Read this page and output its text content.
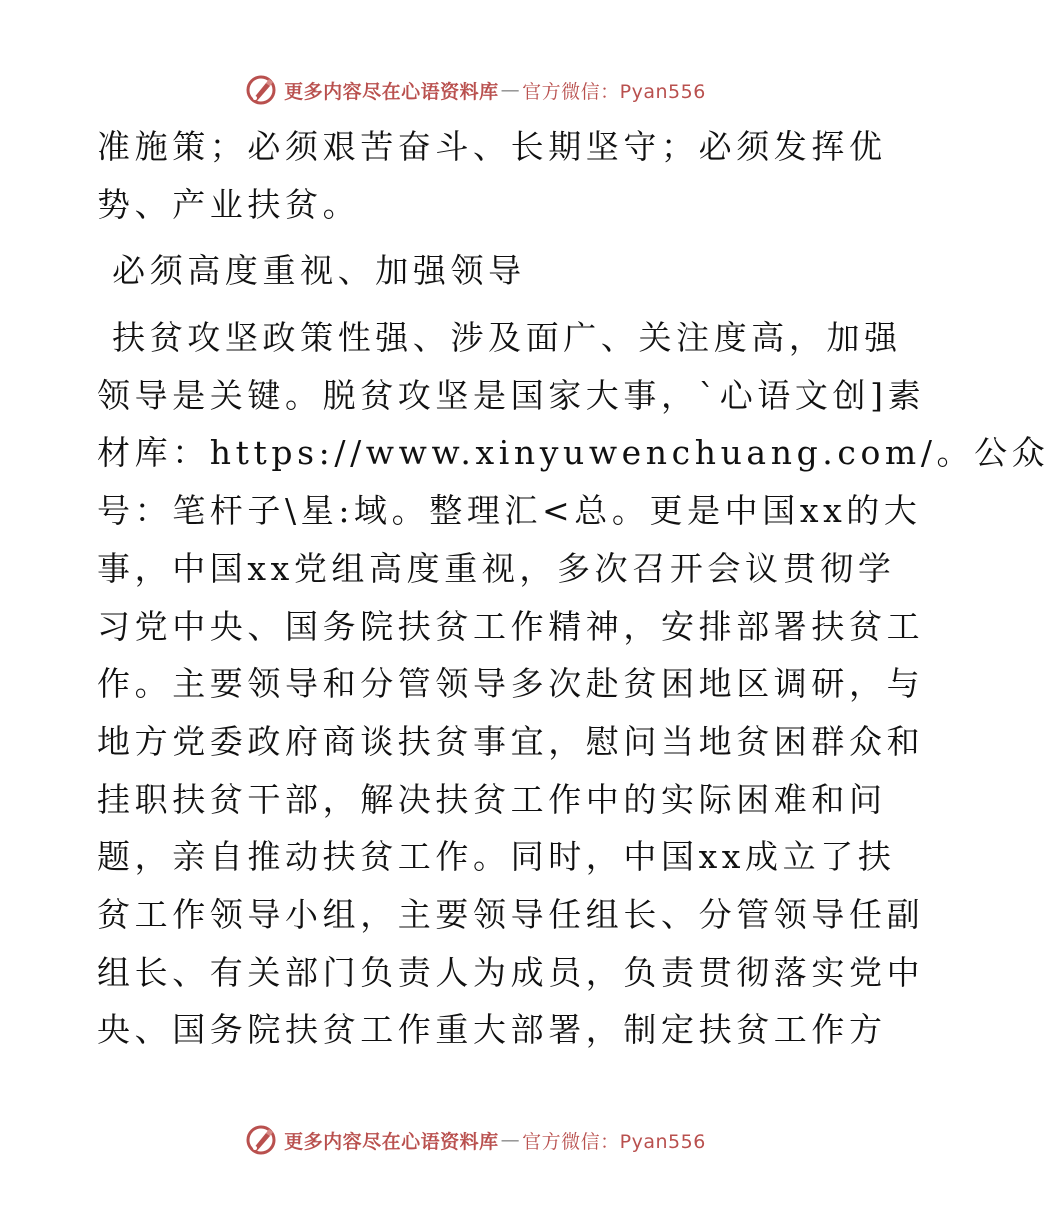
更多内容尽在心语资料库 — 官方微信：Pyan556
准施策；必须艰苦奋斗、长期坚守；必须发挥优
势、产业扶贫。
必须高度重视、加强领导
扶贫攻坚政策性强、涉及面广、关注度高，加强
领导是关键。脱贫攻坚是国家大事，`心语文创]素
材库：https://www.xinyuwenchuang.com/。公众
号：笔杆子\星:域。整理汇<总。更是中国xx的大
事，中国xx党组高度重视，多次召开会议贯彻学
习党中央、国务院扶贫工作精神，安排部署扶贫工
作。主要领导和分管领导多次赴贫困地区调研，与
地方党委政府商谈扶贫事宜，慰问当地贫困群众和
挂职扶贫干部，解决扶贫工作中的实际困难和问
题，亲自推动扶贫工作。同时，中国xx成立了扶
贫工作领导小组，主要领导任组长、分管领导任副
组长、有关部门负责人为成员，负责贯彻落实党中
央、国务院扶贫工作重大部署，制定扶贫工作方
更多内容尽在心语资料库 — 官方微信：Pyan556
